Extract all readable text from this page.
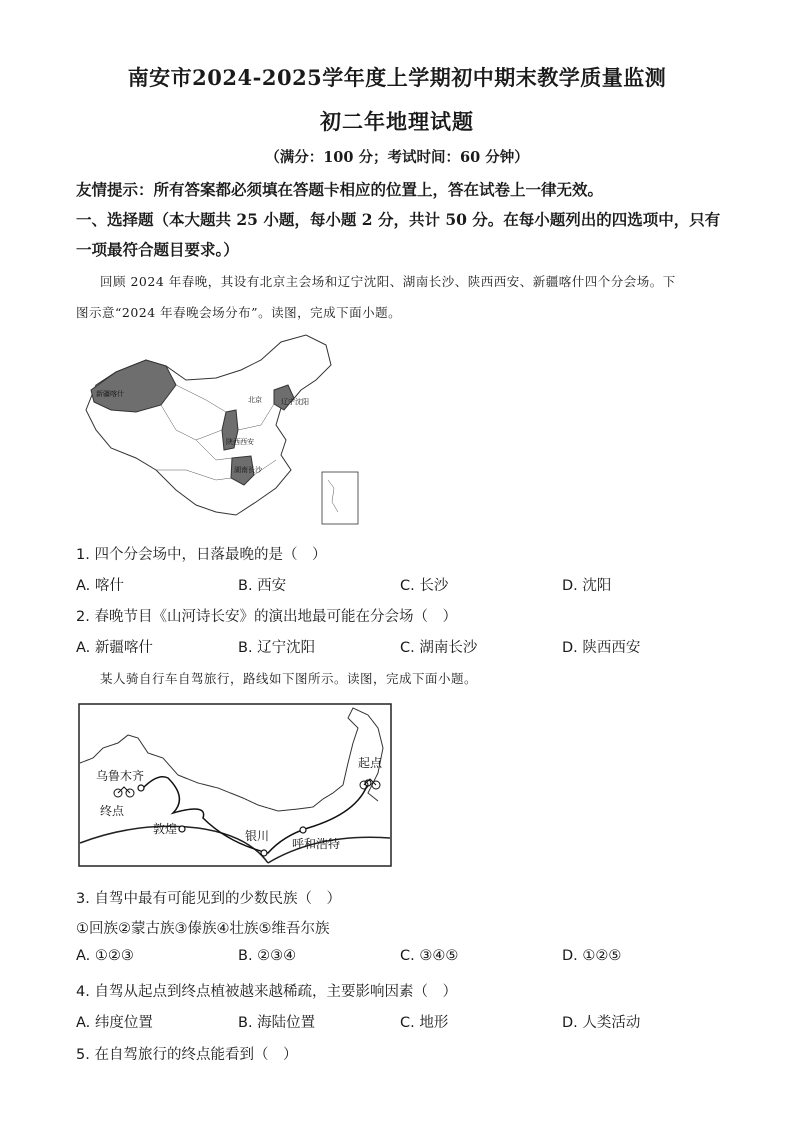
南安市2024-2025学年度上学期初中期末教学质量监测
初二年地理试题
（满分：100 分；考试时间：60 分钟）
友情提示：所有答案都必须填在答题卡相应的位置上，答在试卷上一律无效。
一、选择题（本大题共 25 小题，每小题 2 分，共计 50 分。在每小题列出的四选项中，只有
一项最符合题目要求。）
回顾 2024 年春晚，其设有北京主会场和辽宁沈阳、湖南长沙、陕西西安、新疆喀什四个分会场。下
图示意“2024 年春晚会场分布”。读图，完成下面小题。
新疆喀什
北京	辽宁沈阳
陕西西安
湖南长沙
1. 四个分会场中，日落最晚的是（　）
A. 喀什	B. 西安	C. 长沙	D. 沈阳
2. 春晚节目《山河诗长安》的演出地最可能在分会场（　）
A. 新疆喀什	B. 辽宁沈阳	C. 湖南长沙	D. 陕西西安
某人骑自行车自驾旅行，路线如下图所示。读图，完成下面小题。
乌鲁木齐
终点
起点
敦煌	银川
呼和浩特
3. 自驾中最有可能见到的少数民族（　）
①回族②蒙古族③傣族④壮族⑤维吾尔族
A. ①②③	B. ②③④	C. ③④⑤	D. ①②⑤
4. 自驾从起点到终点植被越来越稀疏，主要影响因素（　）
A. 纬度位置	B. 海陆位置	C. 地形	D. 人类活动
5. 在自驾旅行的终点能看到（　）
